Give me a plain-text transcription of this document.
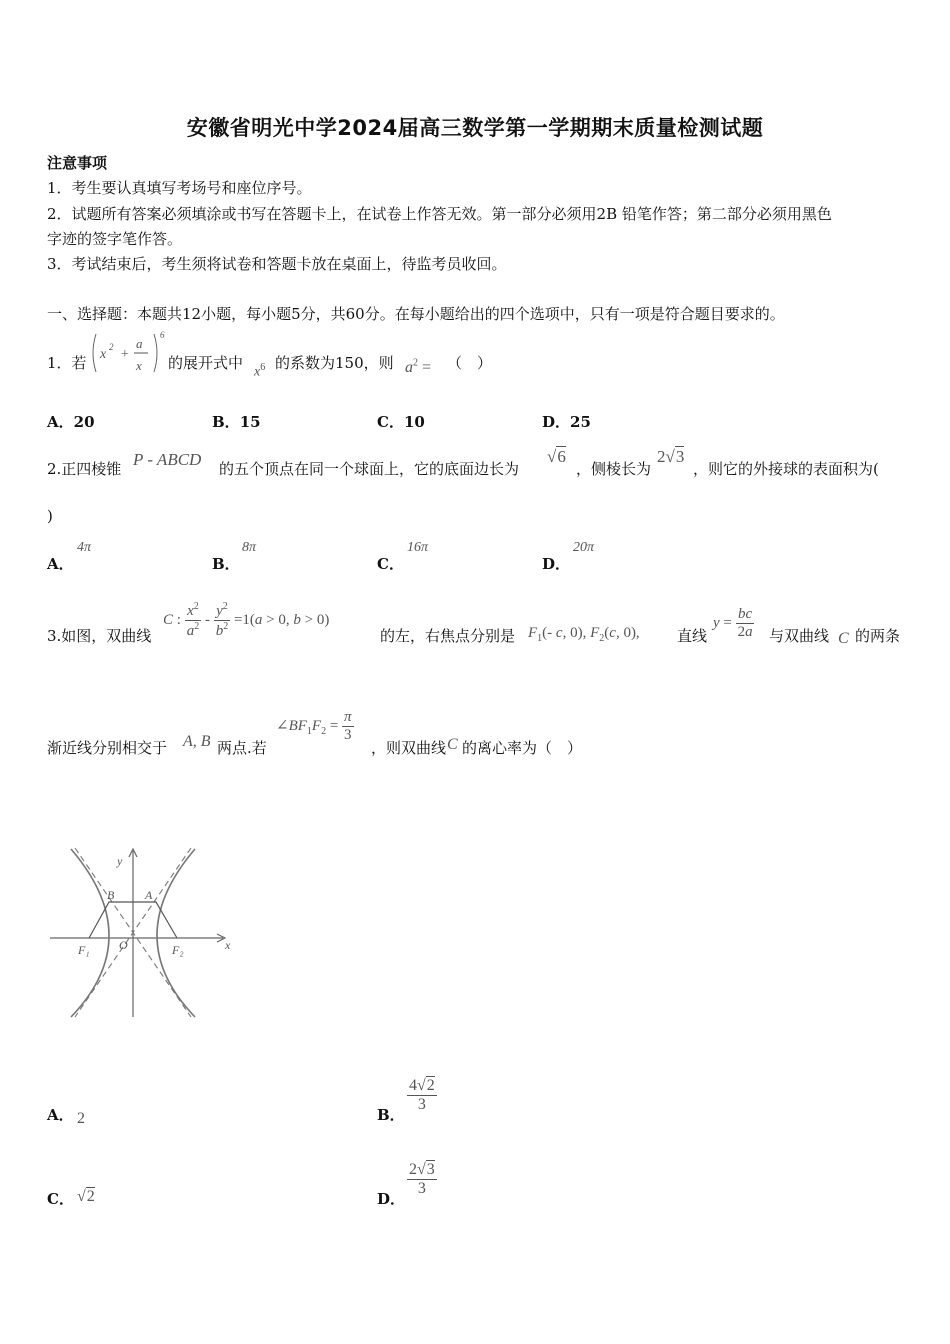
安徽省明光中学2024届高三数学第一学期期末质量检测试题
注意事项
1．考生要认真填写考场号和座位序号。
2．试题所有答案必须填涂或书写在答题卡上，在试卷上作答无效。第一部分必须用2B 铅笔作答；第二部分必须用黑色
字迹的签字笔作答。
3．考试结束后，考生须将试卷和答题卡放在桌面上，待监考员收回。
一、选择题：本题共12小题，每小题5分，共60分。在每小题给出的四个选项中，只有一项是符合题目要求的。
1．若 x 2 +
a
x
6
的展开式中
$x^6$ 的系数为150，则 $a^2$ = （　）
A．20	B．15	C．10	D．25
2.正四棱锥 P - ABCD 的五个顶点在同一个球面上，它的底面边长为
√6
，侧棱长为
2√3
，则它的外接球的表面积为(
)
A．
4π
B．
8π
C．
16π
D．
20π
3.如图，双曲线
C : $\frac{x^2}{a^2} - \frac{y^2}{b^2} =1(a > 0$, b > 0)
的左，右焦点分别是 $F_1(-$ c, 0), $F_2(c$, 0), 直线
$y = \frac{bc}{2a}$ 与双曲线 C 的两条
渐近线分别相交于 A, B 两点.若
$\angle BF_1F_2 = \frac{\pi}{3}$
，则双曲线 C 的离心率为（　）
y
x
B	A
O
F₁	F₂
A． 2	B．
$\frac{4√2}{3}$
C． √2	D．
$\frac{2√3}{3}$
